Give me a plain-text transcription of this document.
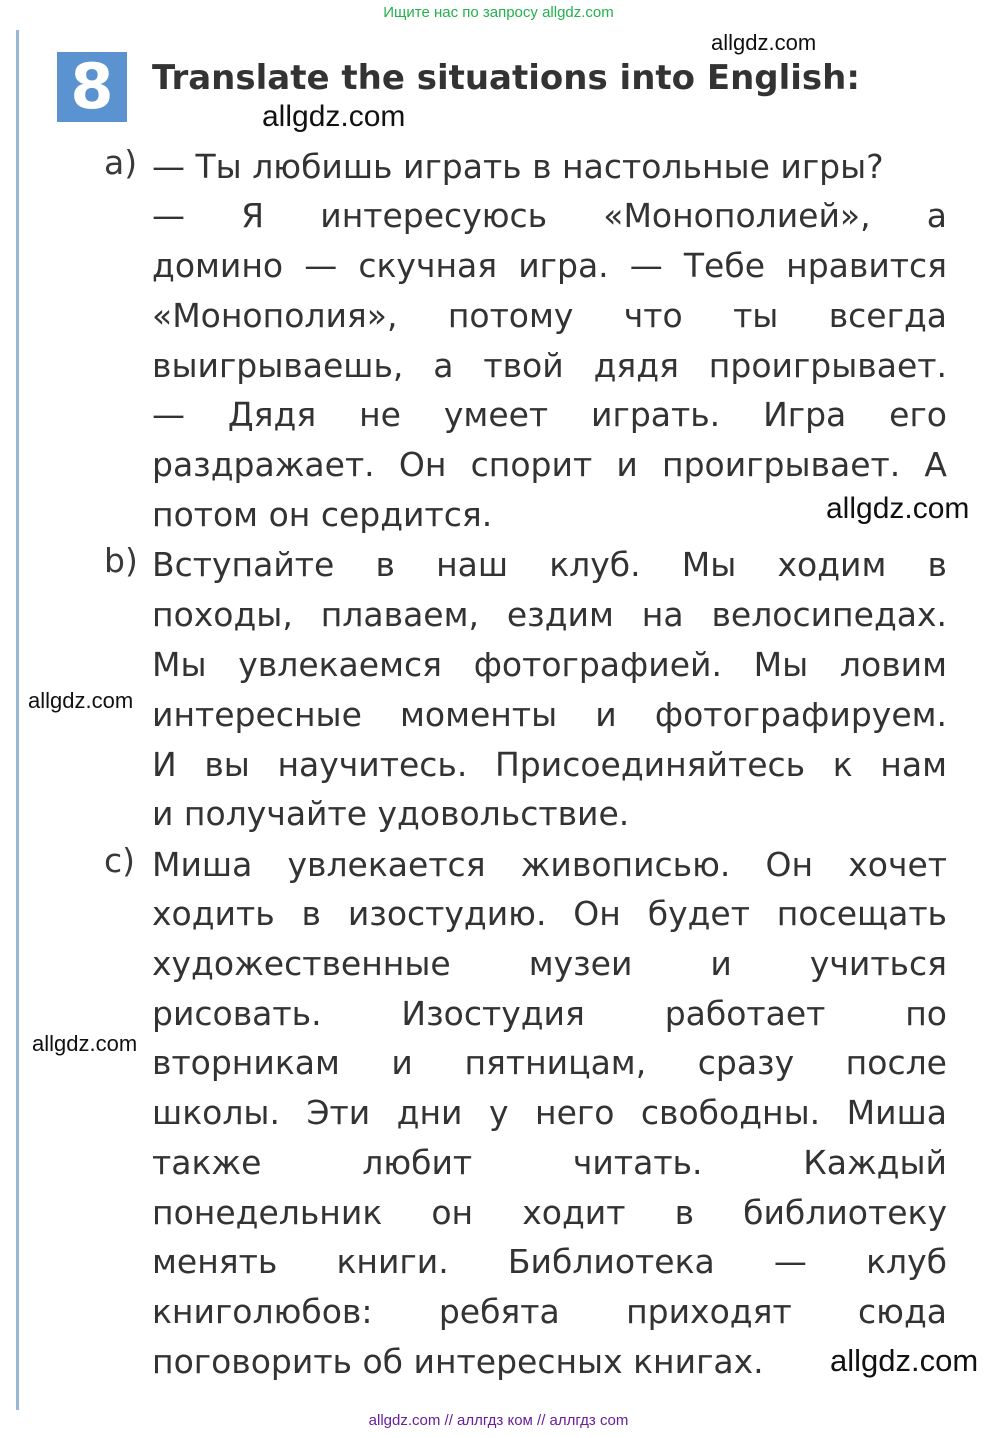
Ищите нас по запросу allgdz.com
8	Translate the situations into English:
allgdz.com
allgdz.com
allgdz.com
allgdz.com
allgdz.com
allgdz.com
a) — Ты любишь играть в настольные игры?
— Я интересуюсь «Монополией», а
домино — скучная игра. — Тебе нравится
«Монополия», потому что ты всегда
выигрываешь, а твой дядя проигрывает.
— Дядя не умеет играть. Игра его
раздражает. Он спорит и проигрывает. А
потом он сердится.
b) Вступайте в наш клуб. Мы ходим в
походы, плаваем, ездим на велосипедах.
Мы увлекаемся фотографией. Мы ловим
интересные моменты и фотографируем.
И вы научитесь. Присоединяйтесь к нам
и получайте удовольствие.
c) Миша увлекается живописью. Он хочет
ходить в изостудию. Он будет посещать
художественные музеи и учиться
рисовать. Изостудия работает по
вторникам и пятницам, сразу после
школы. Эти дни у него свободны. Миша
также любит читать. Каждый
понедельник он ходит в библиотеку
менять книги. Библиотека — клуб
книголюбов: ребята приходят сюда
поговорить об интересных книгах.
allgdz.com // аллгдз ком // аллгдз com
